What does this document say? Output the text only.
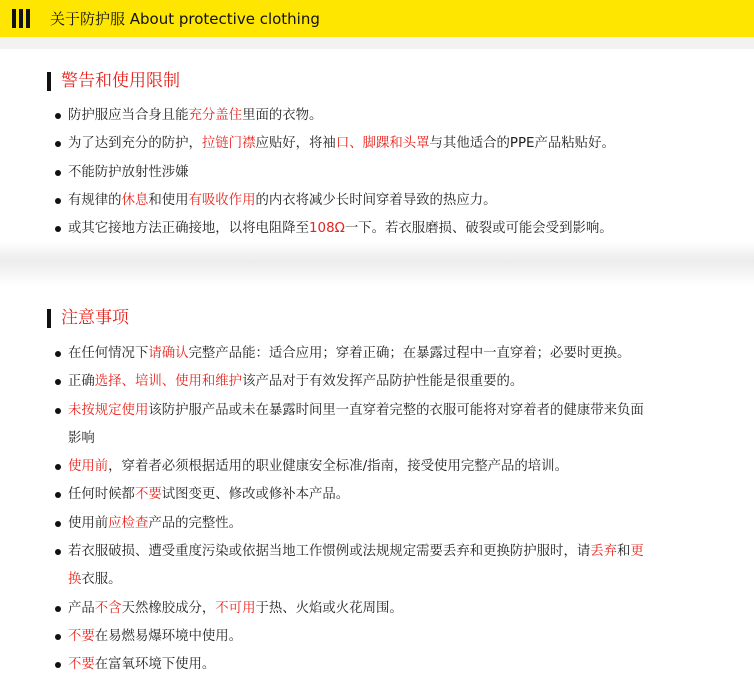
关于防护服 About protective clothing
警告和使用限制
防护服应当合身且能充分盖住里面的衣物。
为了达到充分的防护，拉链门襟应贴好，将袖口、脚踝和头罩与其他适合的PPE产品粘贴好。
不能防护放射性涉嫌
有规律的休息和使用有吸收作用的内衣将减少长时间穿着导致的热应力。
或其它接地方法正确接地，以将电阻降至108Ω一下。若衣服磨损、破裂或可能会受到影响。
注意事项
在任何情况下请确认完整产品能：适合应用；穿着正确；在暴露过程中一直穿着；必要时更换。
正确选择、培训、使用和维护该产品对于有效发挥产品防护性能是很重要的。
未按规定使用该防护服产品或未在暴露时间里一直穿着完整的衣服可能将对穿着者的健康带来负面
影响
使用前，穿着者必须根据适用的职业健康安全标准/指南，接受使用完整产品的培训。
任何时候都不要试图变更、修改或修补本产品。
使用前应检查产品的完整性。
若衣服破损、遭受重度污染或依据当地工作惯例或法规规定需要丢弃和更换防护服时，请丢弃和更
换衣服。
产品不含天然橡胶成分，不可用于热、火焰或火花周围。
不要在易燃易爆环境中使用。
不要在富氧环境下使用。
